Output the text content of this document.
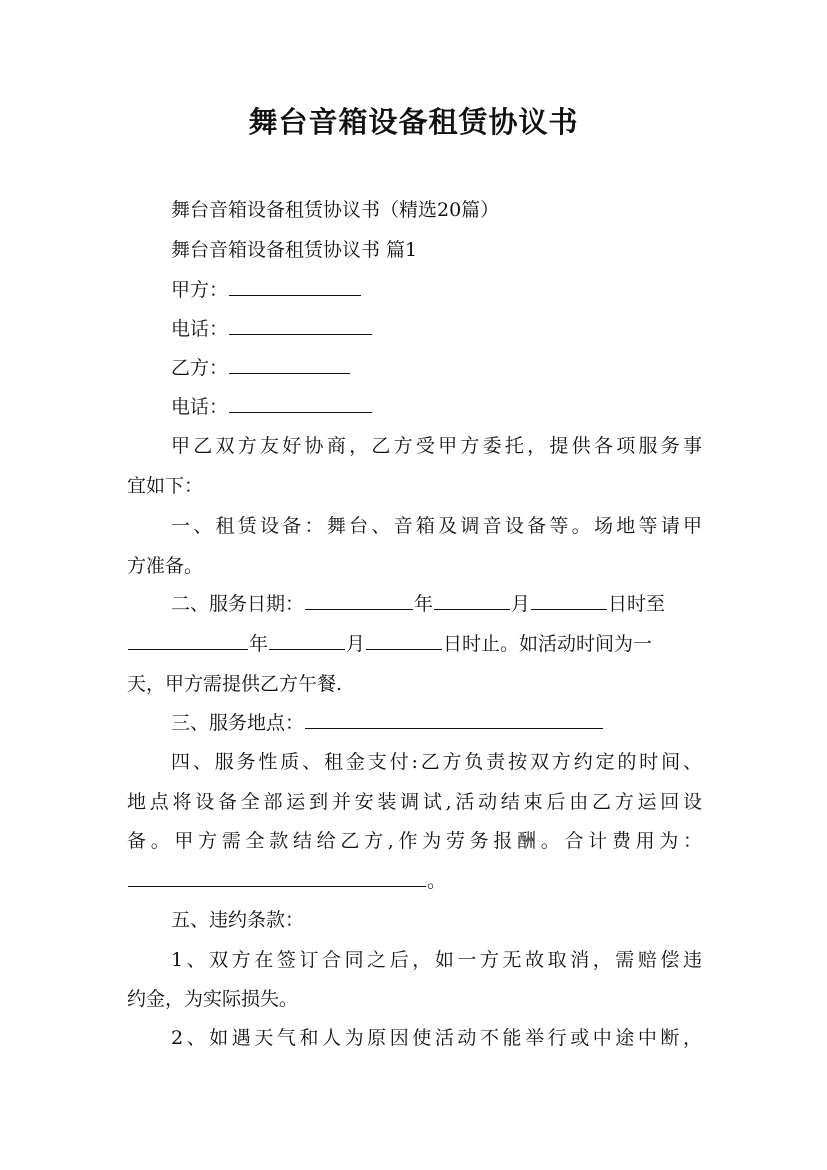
舞台音箱设备租赁协议书
舞台音箱设备租赁协议书（精选20篇）
舞台音箱设备租赁协议书 篇1
甲方：
电话：
乙方：
电话：
甲乙双方友好协商，乙方受甲方委托，提供各项服务事
宜如下：
一、租赁设备：舞台、音箱及调音设备等。场地等请甲
方准备。
二、服务日期：	年	月	日时至
年	月	日时止。如活动时间为一
天，甲方需提供乙方午餐.
三、服务地点：
四、服务性质、租金支付:乙方负责按双方约定的时间、
地点将设备全部运到并安装调试,活动结束后由乙方运回设
备。甲方需全款结给乙方,作为劳务报酬。合计费用为：
。
五、违约条款：
1、双方在签订合同之后，如一方无故取消，需赔偿违
约金，为实际损失。
2、如遇天气和人为原因使活动不能举行或中途中断，
